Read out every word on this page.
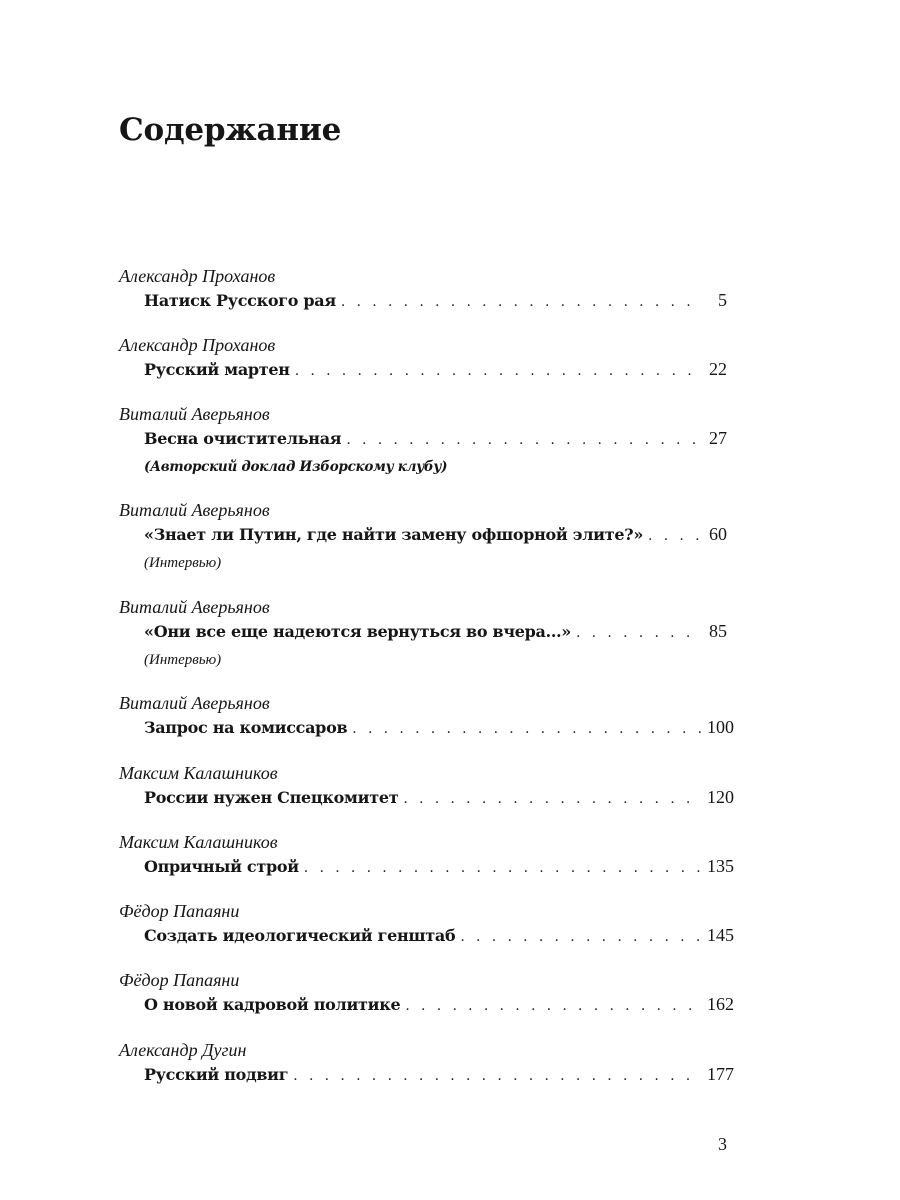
Содержание
Александр Проханов
Натиск Русского рая . . .	5
Александр Проханов
Русский мартен . . .	22
Виталий Аверьянов
Весна очистительная . . .	27
(Авторский доклад Изборскому клубу)
Виталий Аверьянов
«Знает ли Путин, где найти замену офшорной элите?» . . .	60
(Интервью)
Виталий Аверьянов
«Они все еще надеются вернуться во вчера…» . . .	85
(Интервью)
Виталий Аверьянов
Запрос на комиссаров . . .	100
Максим Калашников
России нужен Спецкомитет . . .	120
Максим Калашников
Опричный строй . . .	135
Фёдор Папаяни
Создать идеологический генштаб . . .	145
Фёдор Папаяни
О новой кадровой политике . . .	162
Александр Дугин
Русский подвиг . . .	177
3
